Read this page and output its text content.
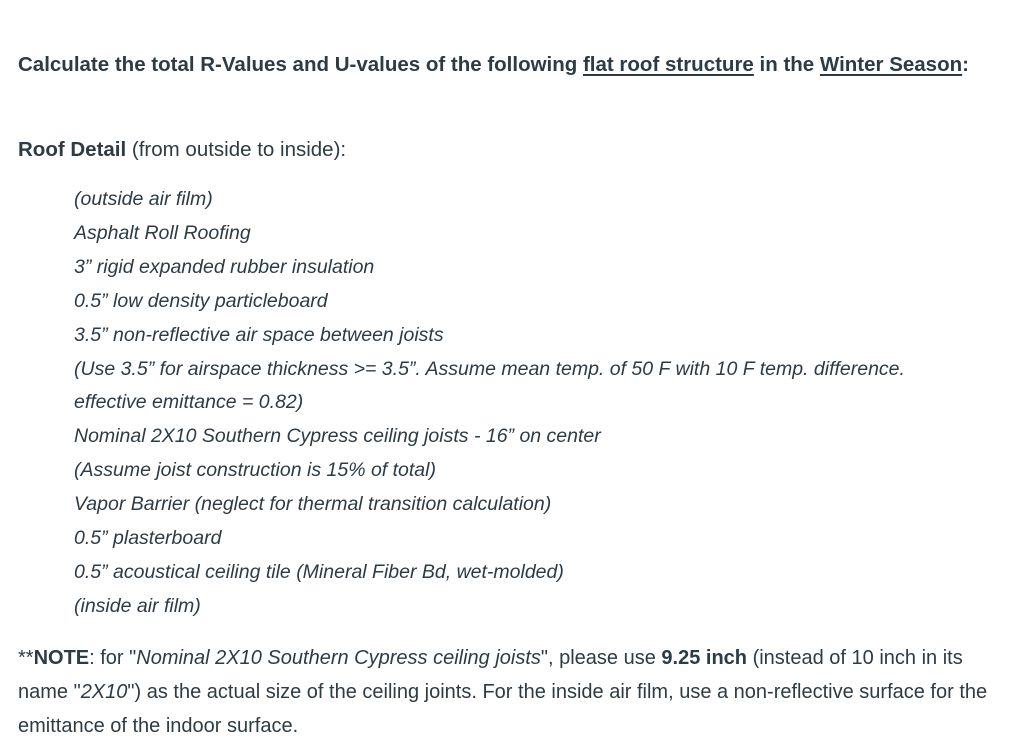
Calculate the total R-Values and U-values of the following flat roof structure in the Winter Season:

Roof Detail (from outside to inside):

(outside air film)
Asphalt Roll Roofing
3” rigid expanded rubber insulation
0.5” low density particleboard
3.5” non-reflective air space between joists
(Use 3.5” for airspace thickness >= 3.5”. Assume mean temp. of 50 F with 10 F temp. difference.
effective emittance = 0.82)
Nominal 2X10 Southern Cypress ceiling joists - 16” on center
(Assume joist construction is 15% of total)
Vapor Barrier (neglect for thermal transition calculation)
0.5” plasterboard
0.5” acoustical ceiling tile (Mineral Fiber Bd, wet-molded)
(inside air film)

**NOTE: for "Nominal 2X10 Southern Cypress ceiling joists", please use 9.25 inch (instead of 10 inch in its name "2X10") as the actual size of the ceiling joints. For the inside air film, use a non-reflective surface for the emittance of the indoor surface.
